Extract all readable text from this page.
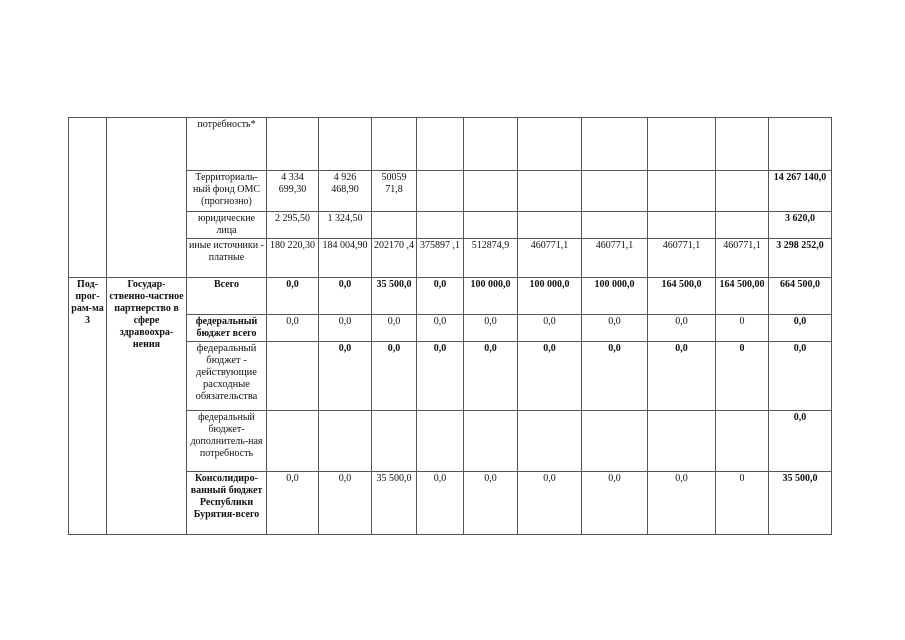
		потребность*										
		Территориаль-ный фонд ОМС (прогнозно)	4 334 699,30	4 926 468,90	50059 71,8							14 267 140,0
		юридические лица	2 295,50	1 324,50								3 620,0
		иные источники - платные	180 220,30	184 004,90	202170 ,4	375897 ,1	512874,9	460771,1	460771,1	460771,1	460771,1	3 298 252,0
Под-прог-рам-ма 3	Государ-ственно-частное партнерство в сфере здравоохра-нения	Всего	0,0	0,0	35 500,0	0,0	100 000,0	100 000,0	100 000,0	164 500,0	164 500,00	664 500,0
		федеральный бюджет всего	0,0	0,0	0,0	0,0	0,0	0,0	0,0	0,0	0	0,0
		федеральный бюджет - действующие расходные обязательства		0,0	0,0	0,0	0,0	0,0	0,0	0,0	0	0,0
		федеральный бюджет-дополнитель-ная потребность										0,0
		Консолидиро-ванный бюджет Республики Бурятия-всего	0,0	0,0	35 500,0	0,0	0,0	0,0	0,0	0,0	0	35 500,0
